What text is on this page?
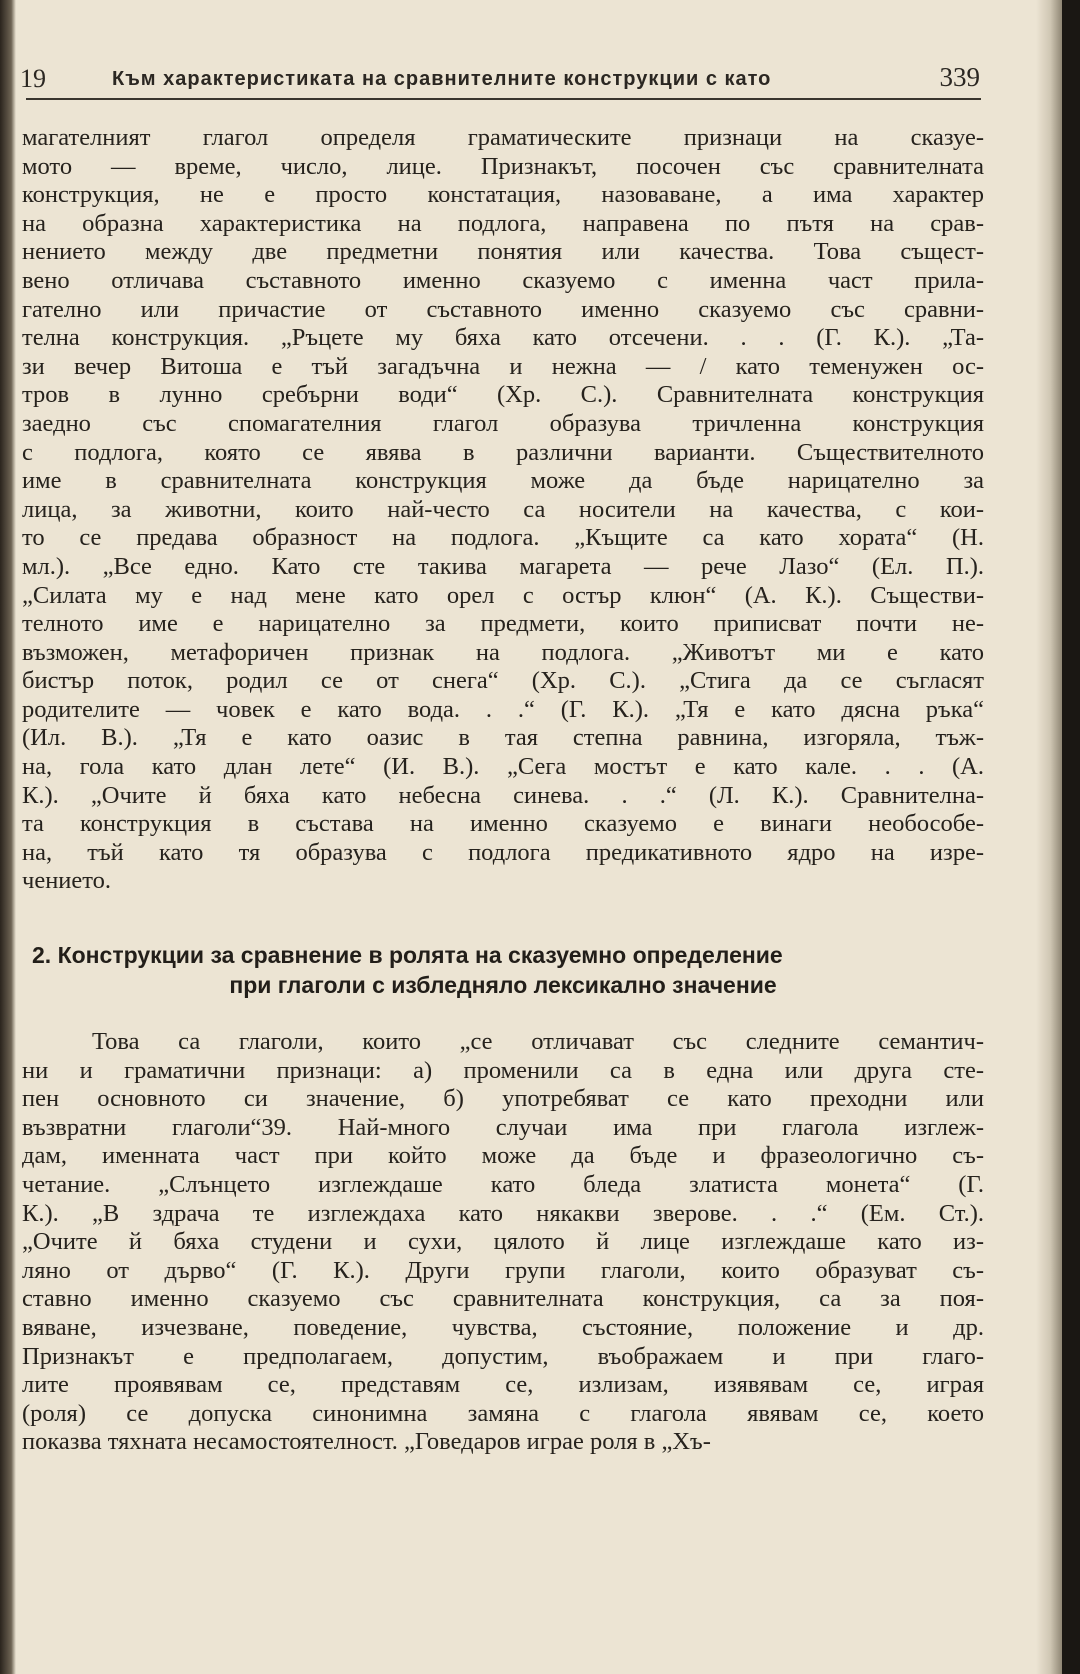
19	Към характеристиката на сравнителните конструкции с като	339
магателният глагол определя граматическите признаци на сказуе-
мото — време, число, лице. Признакът, посочен със сравнителната
конструкция, не е просто констатация, назоваване, а има характер
на образна характеристика на подлога, направена по пътя на срав-
нението между две предметни понятия или качества. Това същест-
вено отличава съставното именно сказуемо с именна част прила-
гателно или причастие от съставното именно сказуемо със сравни-
телна конструкция. „Ръцете му бяха като отсечени. . . (Г. К.). „Та-
зи вечер Витоша е тъй загадъчна и нежна — / като теменужен ос-
тров в лунно сребърни води“ (Хр. С.). Сравнителната конструкция
заедно със спомагателния глагол образува тричленна конструкция
с подлога, която се явява в различни варианти. Съществителното
име в сравнителната конструкция може да бъде нарицателно за
лица, за животни, които най-често са носители на качества, с кои-
то се предава образност на подлога. „Къщите са като хората“ (Н.
мл.). „Все едно. Като сте такива магарета — рече Лазо“ (Ел. П.).
„Силата му е над мене като орел с остър клюн“ (А. К.). Съществи-
телното име е нарицателно за предмети, които приписват почти не-
възможен, метафоричен признак на подлога. „Животът ми е като
бистър поток, родил се от снега“ (Хр. С.). „Стига да се съгласят
родителите — човек е като вода. . .“ (Г. К.). „Тя е като дясна ръка“
(Ил. В.). „Тя е като оазис в тая степна равнина, изгоряла, тъж-
на, гола като длан лете“ (И. В.). „Сега мостът е като кале. . . (А.
К.). „Очите й бяха като небесна синева. . .“ (Л. К.). Сравнителна-
та конструкция в състава на именно сказуемо е винаги необособе-
на, тъй като тя образува с подлога предикативното ядро на изре-
чението.
2. Конструкции за сравнение в ролята на сказуемно определение
при глаголи с избледняло лексикално значение
Това са глаголи, които „се отличават със следните семантич-
ни и граматични признаци: а) променили са в една или друга сте-
пен основното си значение, б) употребяват се като преходни или
възвратни глаголи“39. Най-много случаи има при глагола изглеж-
дам, именната част при който може да бъде и фразеологично съ-
четание. „Слънцето изглеждаше като бледа златиста монета“ (Г.
К.). „В здрача те изглеждаха като някакви зверове. . .“ (Ем. Ст.).
„Очите й бяха студени и сухи, цялото й лице изглеждаше като из-
ляно от дърво“ (Г. К.). Други групи глаголи, които образуват съ-
ставно именно сказуемо със сравнителната конструкция, са за поя-
вяване, изчезване, поведение, чувства, състояние, положение и др.
Признакът е предполагаем, допустим, въображаем и при глаго-
лите проявявам се, представям се, излизам, изявявам се, играя
(роля) се допуска синонимна замяна с глагола явявам се, което
показва тяхната несамостоятелност. „Говедаров играе роля в „Хъ-
